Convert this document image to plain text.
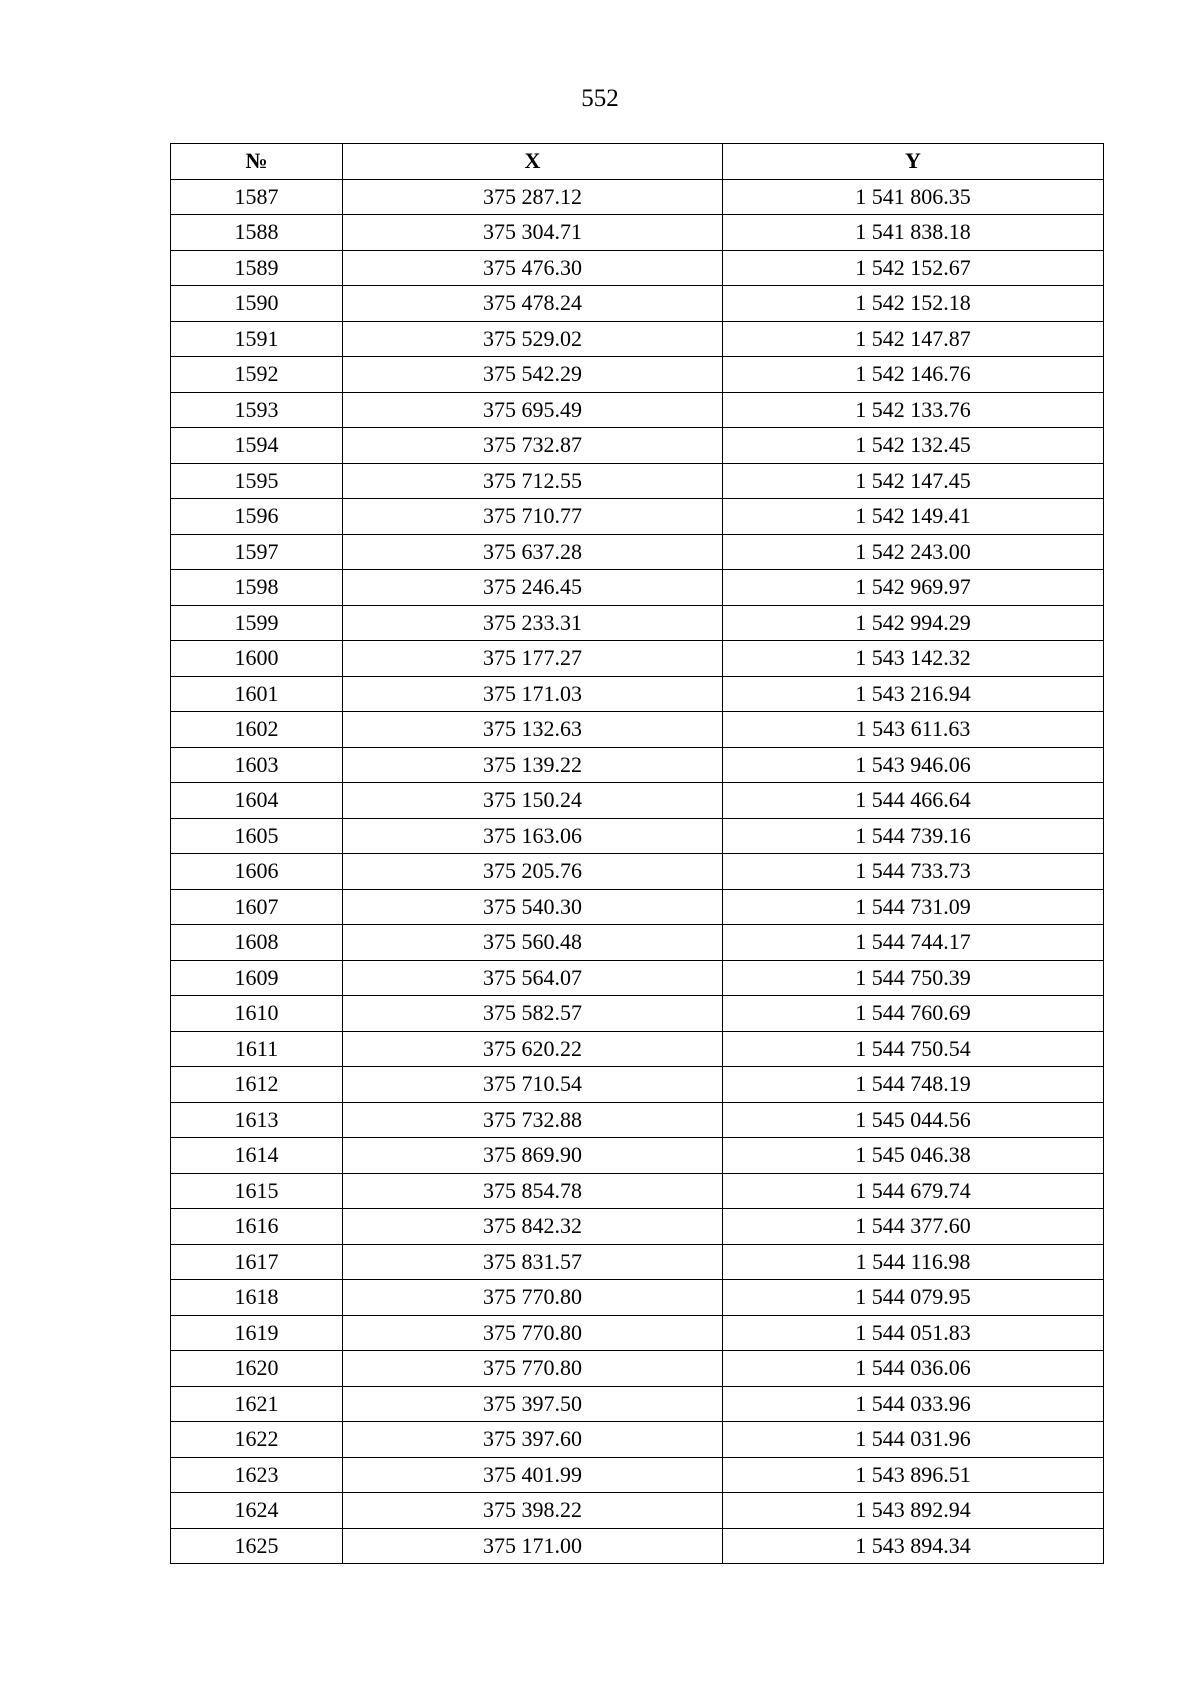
552
№	X	Y
1587	375 287.12	1 541 806.35
1588	375 304.71	1 541 838.18
1589	375 476.30	1 542 152.67
1590	375 478.24	1 542 152.18
1591	375 529.02	1 542 147.87
1592	375 542.29	1 542 146.76
1593	375 695.49	1 542 133.76
1594	375 732.87	1 542 132.45
1595	375 712.55	1 542 147.45
1596	375 710.77	1 542 149.41
1597	375 637.28	1 542 243.00
1598	375 246.45	1 542 969.97
1599	375 233.31	1 542 994.29
1600	375 177.27	1 543 142.32
1601	375 171.03	1 543 216.94
1602	375 132.63	1 543 611.63
1603	375 139.22	1 543 946.06
1604	375 150.24	1 544 466.64
1605	375 163.06	1 544 739.16
1606	375 205.76	1 544 733.73
1607	375 540.30	1 544 731.09
1608	375 560.48	1 544 744.17
1609	375 564.07	1 544 750.39
1610	375 582.57	1 544 760.69
1611	375 620.22	1 544 750.54
1612	375 710.54	1 544 748.19
1613	375 732.88	1 545 044.56
1614	375 869.90	1 545 046.38
1615	375 854.78	1 544 679.74
1616	375 842.32	1 544 377.60
1617	375 831.57	1 544 116.98
1618	375 770.80	1 544 079.95
1619	375 770.80	1 544 051.83
1620	375 770.80	1 544 036.06
1621	375 397.50	1 544 033.96
1622	375 397.60	1 544 031.96
1623	375 401.99	1 543 896.51
1624	375 398.22	1 543 892.94
1625	375 171.00	1 543 894.34
